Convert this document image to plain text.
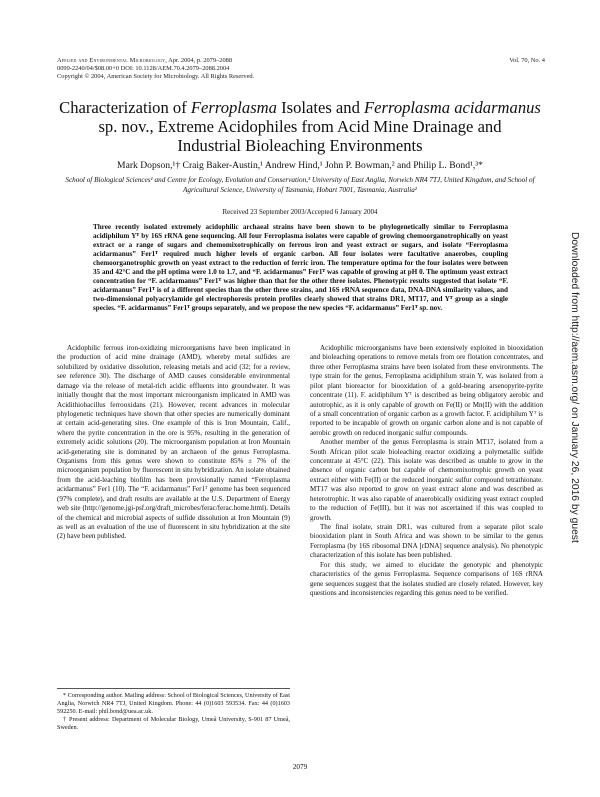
Applied and Environmental Microbiology, Apr. 2004, p. 2079–2088
0099-2240/04/$08.00+0 DOI: 10.1128/AEM.70.4.2079–2088.2004
Copyright © 2004, American Society for Microbiology. All Rights Reserved.
Vol. 70, No. 4
Characterization of Ferroplasma Isolates and Ferroplasma acidarmanus
sp. nov., Extreme Acidophiles from Acid Mine Drainage and
Industrial Bioleaching Environments
Mark Dopson,¹† Craig Baker-Austin,¹ Andrew Hind,¹ John P. Bowman,² and Philip L. Bond¹,³*
School of Biological Sciences¹ and Centre for Ecology, Evolution and Conservation,³ University of East Anglia, Norwich NR4 7TJ, United Kingdom, and School of Agricultural Science, University of Tasmania, Hobart 7001, Tasmania, Australia²
Received 23 September 2003/Accepted 6 January 2004
Three recently isolated extremely acidophilic archaeal strains have been shown to be phylogenetically similar to Ferroplasma acidiphilum Yᵀ by 16S rRNA gene sequencing. All four Ferroplasma isolates were capable of growing chemoorganotrophically on yeast extract or a range of sugars and chemomixotrophically on ferrous iron and yeast extract or sugars, and isolate “Ferroplasma acidarmanus” Fer1ᵀ required much higher levels of organic carbon. All four isolates were facultative anaerobes, coupling chemoorganotrophic growth on yeast extract to the reduction of ferric iron. The temperature optima for the four isolates were between 35 and 42°C and the pH optima were 1.0 to 1.7, and “F. acidarmanus” Fer1ᵀ was capable of growing at pH 0. The optimum yeast extract concentration for “F. acidarmanus” Fer1ᵀ was higher than that for the other three isolates. Phenotypic results suggested that isolate “F. acidarmanus” Fer1ᵀ is of a different species than the other three strains, and 16S rRNA sequence data, DNA-DNA similarity values, and two-dimensional polyacrylamide gel electrophoresis protein profiles clearly showed that strains DR1, MT17, and Yᵀ group as a single species. “F. acidarmanus” Fer1ᵀ groups separately, and we propose the new species “F. acidarmanus” Fer1ᵀ sp. nov.

Acidophilic ferrous iron-oxidizing microorganisms have been implicated in the production of acid mine drainage (AMD), whereby metal sulfides are solubilized by oxidative dissolution, releasing metals and acid (32; for a review, see reference 30). The discharge of AMD causes considerable environmental damage via the release of metal-rich acidic effluents into groundwater. It was initially thought that the most important microorganism implicated in AMD was Acidithiobacillus ferrooxidans (21). However, recent advances in molecular phylogenetic techniques have shown that other species are numerically dominant at certain acid-generating sites. One example of this is Iron Mountain, Calif., where the pyrite concentration in the ore is 95%, resulting in the generation of extremely acidic solutions (20). The microorganism population at Iron Mountain acid-generating site is dominated by an archaeon of the genus Ferroplasma. Organisms from this genus were shown to constitute 85% ± 7% of the microorganism population by fluorescent in situ hybridization. An isolate obtained from the acid-leaching biofilm has been provisionally named “Ferroplasma acidarmanus” Fer1 (10). The “F. acidarmanus” Fer1ᵀ genome has been sequenced (97% complete), and draft results are available at the U.S. Department of Energy web site (http://genome.jgi-psf.org/draft_microbes/ferac/ferac.home.html). Details of the chemical and microbial aspects of sulfide dissolution at Iron Mountain (9) as well as an evaluation of the use of fluorescent in situ hybridization at the site (2) have been published.

Acidophilic microorganisms have been extensively exploited in biooxidation and bioleaching operations to remove metals from ore flotation concentrates, and three other Ferroplasma strains have been isolated from these environments. The type strain for the genus, Ferroplasma acidiphilum strain Y, was isolated from a pilot plant bioreactor for biooxidation of a gold-bearing arsenopyrite-pyrite concentrate (11). F. acidiphilum Yᵀ is described as being obligatory aerobic and autotrophic, as it is only capable of growth on Fe(II) or Mn(II) with the addition of a small concentration of organic carbon as a growth factor. F. acidiphilum Yᵀ is reported to be incapable of growth on organic carbon alone and is not capable of aerobic growth on reduced inorganic sulfur compounds.

Another member of the genus Ferroplasma is strain MT17, isolated from a South African pilot scale bioleaching reactor oxidizing a polymetallic sulfide concentrate at 45°C (22). This isolate was described as unable to grow in the absence of organic carbon but capable of chemomixotrophic growth on yeast extract either with Fe(II) or the reduced inorganic sulfur compound tetrathionate. MT17 was also reported to grow on yeast extract alone and was described as heterotrophic. It was also capable of anaerobically oxidizing yeast extract coupled to the reduction of Fe(III), but it was not ascertained if this was coupled to growth.

The final isolate, strain DR1, was cultured from a separate pilot scale biooxidation plant in South Africa and was shown to be similar to the genus Ferroplasma (by 16S ribosomal DNA [rDNA] sequence analysis). No phenotypic characterization of this isolate has been published.

For this study, we aimed to elucidate the genotypic and phenotypic characteristics of the genus Ferroplasma. Sequence comparisons of 16S rRNA gene sequences suggest that the isolates studied are closely related. However, key questions and inconsistencies regarding this genus need to be verified.

* Corresponding author. Mailing address: School of Biological Sciences, University of East Anglia, Norwich NR4 7TJ, United Kingdom. Phone: 44 (0)1603 593534. Fax: 44 (0)1603 592250. E-mail: phil.bond@uea.ac.uk.

† Present address: Department of Molecular Biology, Umeå University, S-901 87 Umeå, Sweden.

2079
Downloaded from http://aem.asm.org/ on January 26, 2016 by guest
